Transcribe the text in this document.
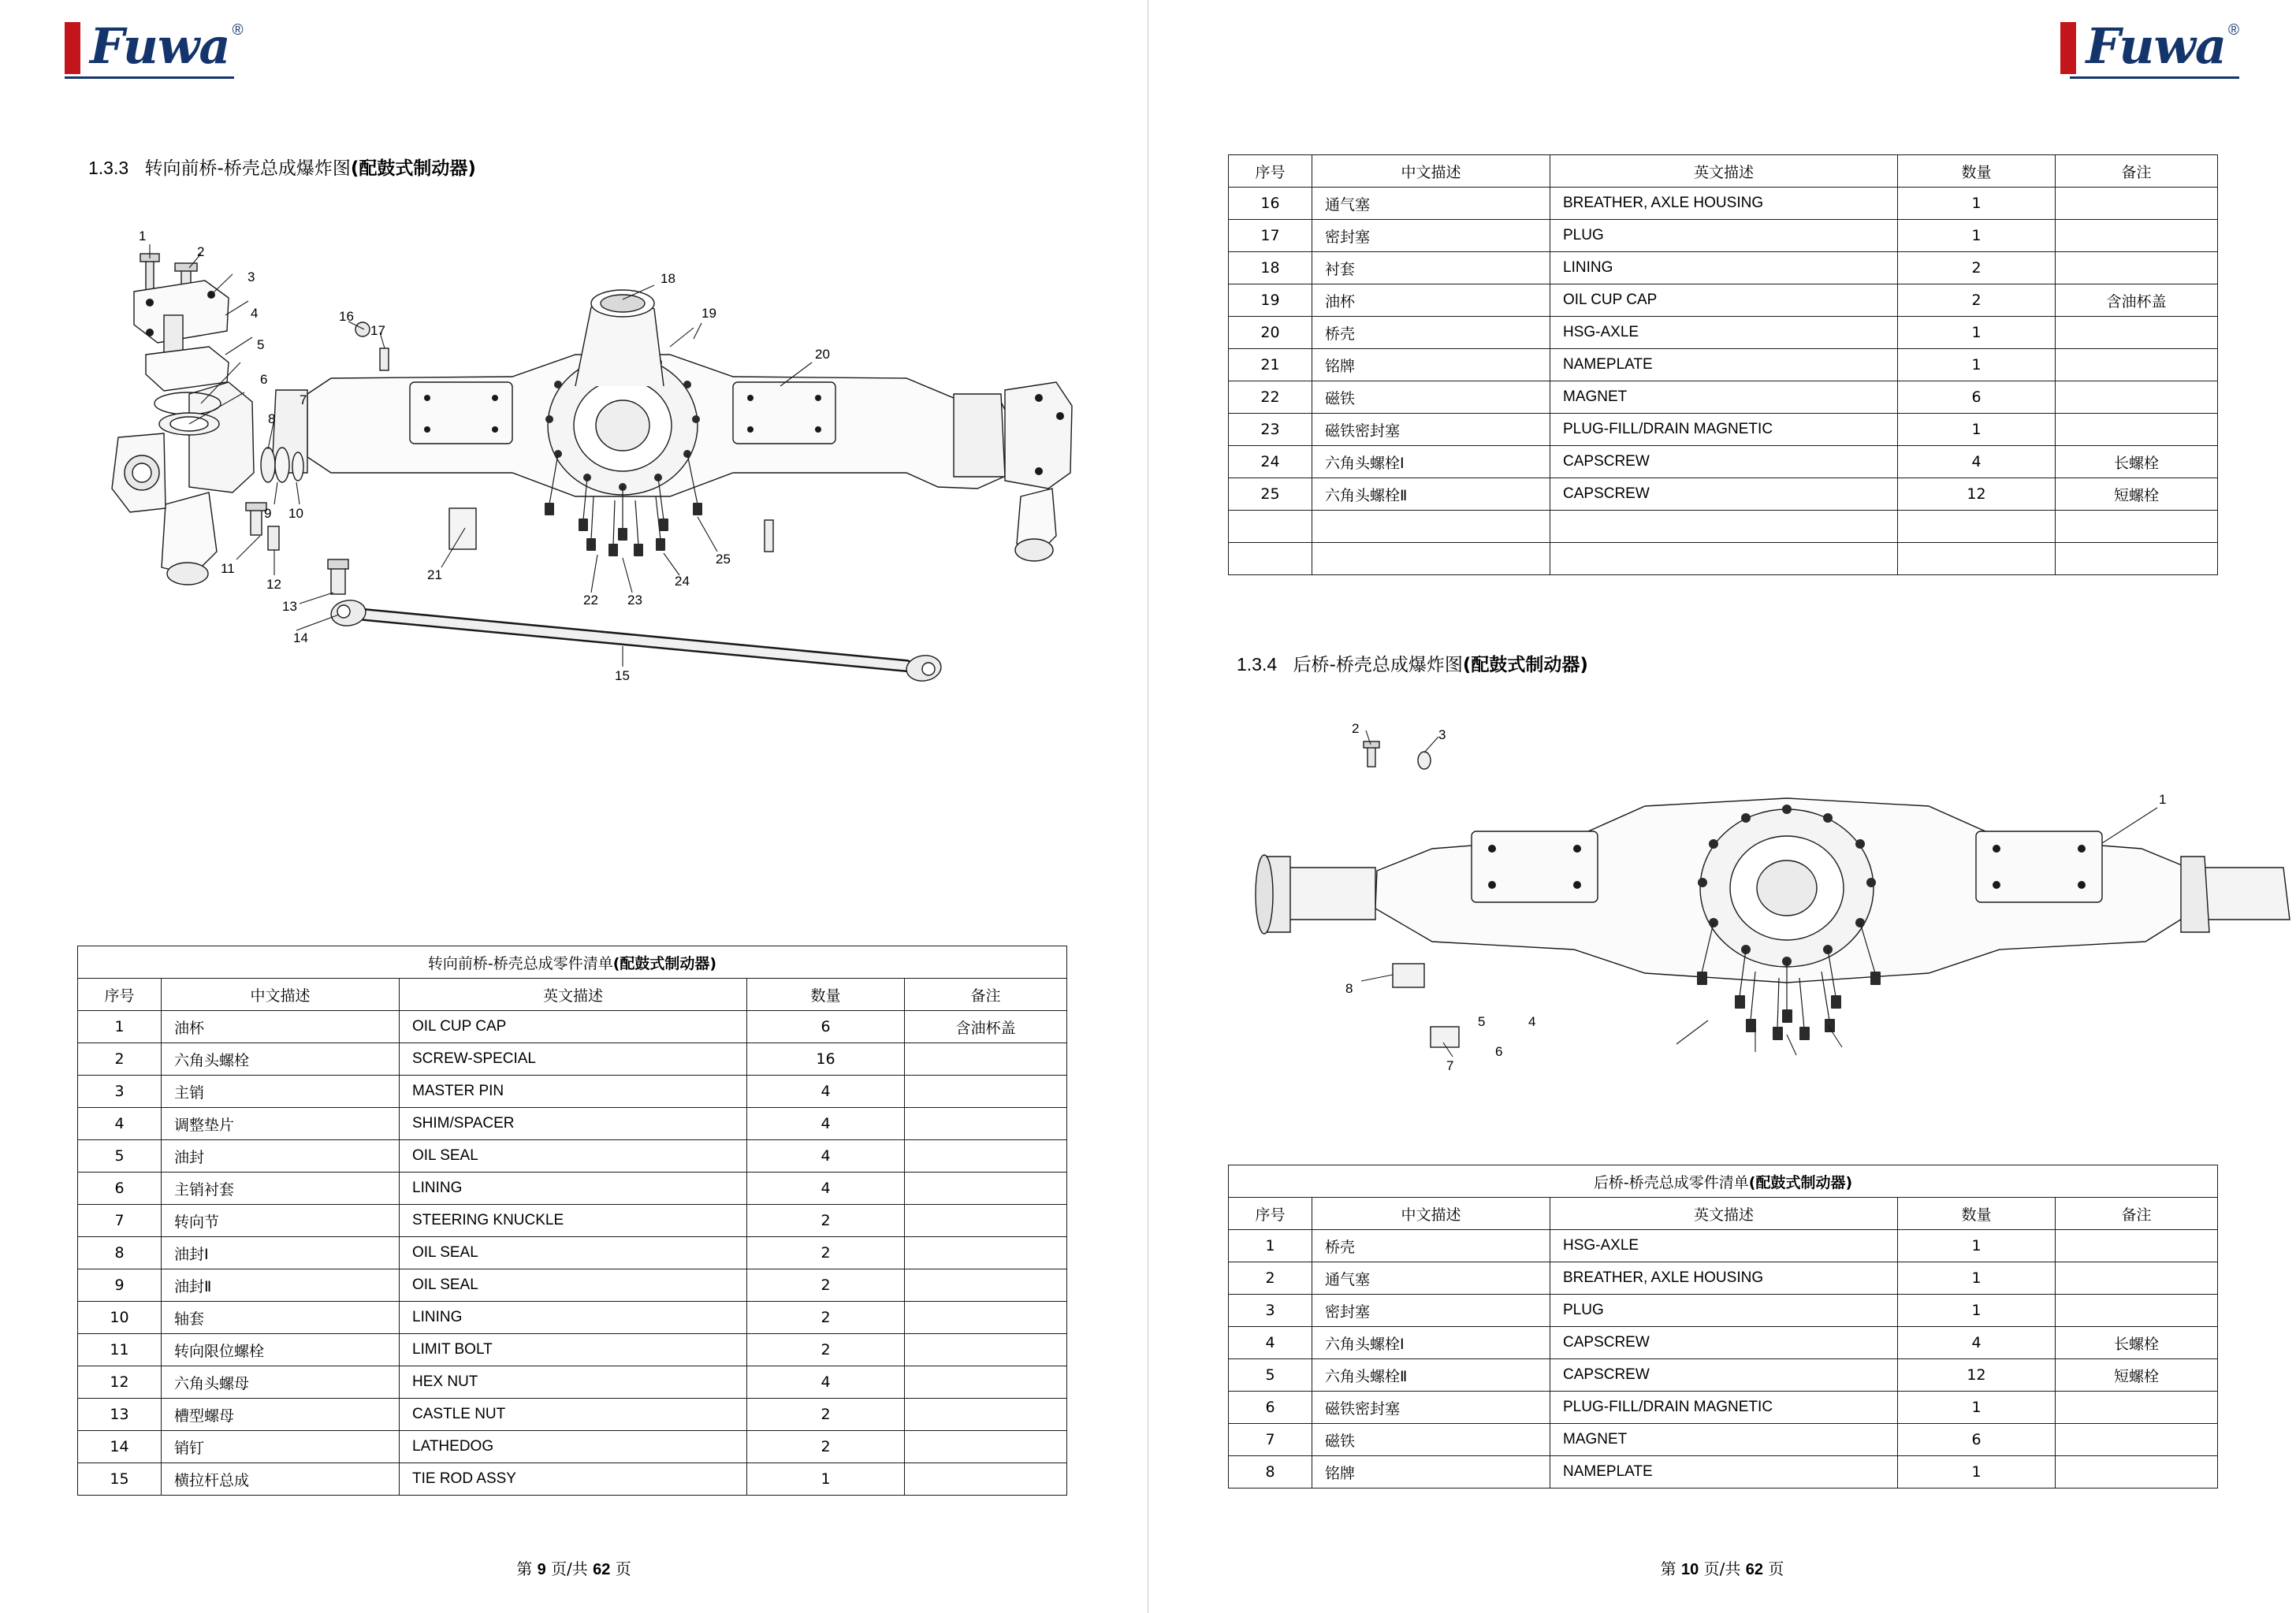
Fuwa ®
1.3.3 转向前桥-桥壳总成爆炸图(配鼓式制动器)
1
2
3
4
5
6
7
8
9 10
11
12
13
14
15
16
17
18
19
20
21
22 23
24
25
转向前桥-桥壳总成零件清单(配鼓式制动器)				
序号	中文描述	英文描述	数量	备注
1	油杯	OIL CUP CAP	6	含油杯盖
2	六角头螺栓	SCREW-SPECIAL	16	
3	主销	MASTER PIN	4	
4	调整垫片	SHIM/SPACER	4	
5	油封	OIL SEAL	4	
6	主销衬套	LINING	4	
7	转向节	STEERING KNUCKLE	2	
8	油封Ⅰ	OIL SEAL	2	
9	油封Ⅱ	OIL SEAL	2	
10	轴套	LINING	2	
11	转向限位螺栓	LIMIT BOLT	2	
12	六角头螺母	HEX NUT	4	
13	槽型螺母	CASTLE NUT	2	
14	销钉	LATHEDOG	2	
15	横拉杆总成	TIE ROD ASSY	1	
第 9 页/共 62 页
Fuwa ®
序号	中文描述	英文描述	数量	备注
16	通气塞	BREATHER, AXLE HOUSING	1	
17	密封塞	PLUG	1	
18	衬套	LINING	2	
19	油杯	OIL CUP CAP	2	含油杯盖
20	桥壳	HSG-AXLE	1	
21	铭牌	NAMEPLATE	1	
22	磁铁	MAGNET	6	
23	磁铁密封塞	PLUG-FILL/DRAIN MAGNETIC	1	
24	六角头螺栓Ⅰ	CAPSCREW	4	长螺栓
25	六角头螺栓Ⅱ	CAPSCREW	12	短螺栓

1.3.4 后桥-桥壳总成爆炸图(配鼓式制动器)
2	3
1
8
7
6
5	4
后桥-桥壳总成零件清单(配鼓式制动器)				
序号	中文描述	英文描述	数量	备注
1	桥壳	HSG-AXLE	1	
2	通气塞	BREATHER, AXLE HOUSING	1	
3	密封塞	PLUG	1	
4	六角头螺栓Ⅰ	CAPSCREW	4	长螺栓
5	六角头螺栓Ⅱ	CAPSCREW	12	短螺栓
6	磁铁密封塞	PLUG-FILL/DRAIN MAGNETIC	1	
7	磁铁	MAGNET	6	
8	铭牌	NAMEPLATE	1	
第 10 页/共 62 页
